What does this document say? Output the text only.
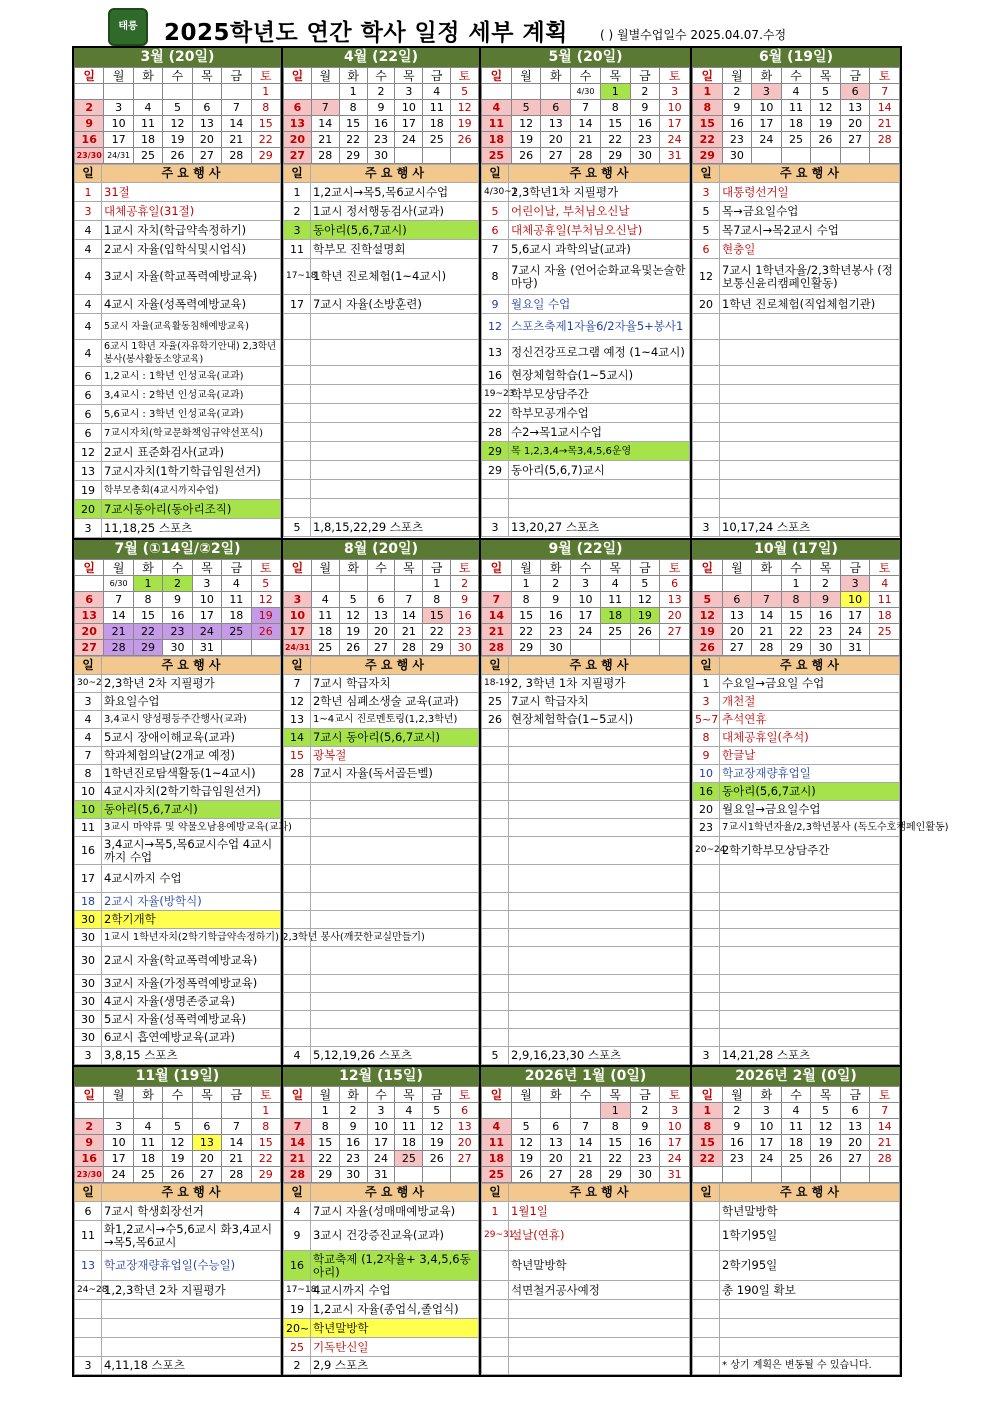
태릉	2025학년도 연간 학사 일정 세부 계획	( ) 월별수업일수 2025.04.07.수정
3월 (20일)
일	월	화	수	목	금	토
						1
2	3	4	5	6	7	8
9	10	11	12	13	14	15
16	17	18	19	20	21	22
23/30	24/31	25	26	27	28	29
일	주 요 행 사
1	31절
3	대체공휴일(31절)
4	1교시 자치(학급약속정하기)
4	2교시 자율(입학식및시업식)
4	3교시 자율(학교폭력예방교육)
4	4교시 자율(성폭력예방교육)
4	5교시 자율(교육활동침해예방교육)
4	6교시 1학년 자율(자유학기안내) 2,3학년 봉사(봉사활동소양교육)
6	1,2교시 : 1학년 인성교육(교과)
6	3,4교시 : 2학년 인성교육(교과)
6	5,6교시 : 3학년 인성교육(교과)
6	7교시자치(학교문화책임규약선포식)
12	2교시 표준화검사(교과)
13	7교시자치(1학기학급임원선거)
19	학부모총회(4교시까지수업)
20	7교시동아리(동아리조직)
3	11,18,25 스포츠
4월 (22일)
일	월	화	수	목	금	토
		1	2	3	4	5
6	7	8	9	10	11	12
13	14	15	16	17	18	19
20	21	22	23	24	25	26
27	28	29	30			
일	주 요 행 사
1	1,2교시→목5,목6교시수업
2	1교시 정서행동검사(교과)
3	동아리(5,6,7교시)
11	학부모 진학설명회
17~18	1학년 진로체험(1~4교시)
17	7교시 자율(소방훈련)

5	1,8,15,22,29 스포츠
5월 (20일)
일	월	화	수	목	금	토
			4/30	1	2	3
4	5	6	7	8	9	10
11	12	13	14	15	16	17
18	19	20	21	22	23	24
25	26	27	28	29	30	31
일	주 요 행 사
4/30~1	2,3학년1차 지필평가
5	어린이날, 부처님오신날
6	대체공휴일(부처님오신날)
7	5,6교시 과학의날(교과)
8	7교시 자율 (언어순화교육및논술한마당)
9	월요일 수업
12	스포츠축제1자율6/2자율5+봉사1
13	정신건강프로그램 예정 (1~4교시)
16	현장체험학습(1~5교시)
19~23	학부모상담주간
22	학부모공개수업
28	수2→목1교시수업
29	목 1,2,3,4→목3,4,5,6운영
29	동아리(5,6,7)교시

3	13,20,27 스포츠
6월 (19일)
일	월	화	수	목	금	토
1	2	3	4	5	6	7
8	9	10	11	12	13	14
15	16	17	18	19	20	21
22	23	24	25	26	27	28
29	30					
일	주 요 행 사
3	대통령선거일
5	목→금요일수업
5	목7교시→목2교시 수업
6	현충일
12	7교시 1학년자율/2,3학년봉사 (정보통신윤리캠페인활동)
20	1학년 진로체험(직업체험기관)

3	10,17,24 스포츠
7월 (①14일/②2일)
일	월	화	수	목	금	토
	6/30	1	2	3	4	5
6	7	8	9	10	11	12
13	14	15	16	17	18	19
20	21	22	23	24	25	26
27	28	29	30	31		
일	주 요 행 사
30~2	2,3학년 2차 지필평가
3	화요일수업
4	3,4교시 양성평등주간행사(교과)
4	5교시 장애이해교육(교과)
7	학과체험의날(2개교 예정)
8	1학년진로탐색활동(1~4교시)
10	4교시자치(2학기학급임원선거)
10	동아리(5,6,7교시)
11	3교시 마약류 및 약물오남용예방교육(교과)
16	3,4교시→목5,목6교시수업 4교시까지 수업
17	4교시까지 수업
18	2교시 자율(방학식)
30	2학기개학
30	1교시 1학년자치(2학기학급약속정하기) 2,3학년 봉사(깨끗한교실만들기)
30	2교시 자율(학교폭력예방교육)
30	3교시 자율(가정폭력예방교육)
30	4교시 자율(생명존중교육)
30	5교시 자율(성폭력예방교육)
30	6교시 흡연예방교육(교과)
3	3,8,15 스포츠
8월 (20일)
일	월	화	수	목	금	토
					1	2
3	4	5	6	7	8	9
10	11	12	13	14	15	16
17	18	19	20	21	22	23
24/31	25	26	27	28	29	30
일	주 요 행 사
7	7교시 학급자치
12	2학년 심폐소생술 교육(교과)
13	1~4교시 진로멘토링(1,2,3학년)
14	7교시 동아리(5,6,7교시)
15	광복절
28	7교시 자율(독서골든벨)

4	5,12,19,26 스포츠
9월 (22일)
일	월	화	수	목	금	토
	1	2	3	4	5	6
7	8	9	10	11	12	13
14	15	16	17	18	19	20
21	22	23	24	25	26	27
28	29	30				
일	주 요 행 사
18-19	2, 3학년 1차 지필평가
25	7교시 학급자치
26	현장체험학습(1~5교시)

5	2,9,16,23,30 스포츠
10월 (17일)
일	월	화	수	목	금	토
			1	2	3	4
5	6	7	8	9	10	11
12	13	14	15	16	17	18
19	20	21	22	23	24	25
26	27	28	29	30	31	
일	주 요 행 사
1	수요일→금요일 수업
3	개천절
5~7	추석연휴
8	대체공휴일(추석)
9	한글날
10	학교장재량휴업일
16	동아리(5,6,7교시)
20	월요일→금요일수업
23	7교시1학년자율/2,3학년봉사 (독도수호캠페인활동)
20~24	2학기학부모상담주간

3	14,21,28 스포츠
11월 (19일)
일	월	화	수	목	금	토
						1
2	3	4	5	6	7	8
9	10	11	12	13	14	15
16	17	18	19	20	21	22
23/30	24	25	26	27	28	29
일	주 요 행 사
6	7교시 학생회장선거
11	화1,2교시→수5,6교시 화3,4교시→목5,목6교시
13	학교장재량휴업일(수능일)
24~28	1,2,3학년 2차 지필평가

3	4,11,18 스포츠
12월 (15일)
일	월	화	수	목	금	토
	1	2	3	4	5	6
7	8	9	10	11	12	13
14	15	16	17	18	19	20
21	22	23	24	25	26	27
28	29	30	31			
일	주 요 행 사
4	7교시 자율(성매매예방교육)
9	3교시 건강증진교육(교과)
16	학교축제 (1,2자율+ 3,4,5,6동아리)
17~18	4교시까지 수업
19	1,2교시 자율(종업식,졸업식)
20~	학년말방학
25	기독탄신일
2	2,9 스포츠
2026년 1월 (0일)
일	월	화	수	목	금	토
				1	2	3
4	5	6	7	8	9	10
11	12	13	14	15	16	17
18	19	20	21	22	23	24
25	26	27	28	29	30	31
일	주 요 행 사
1	1월1일
29~31	설날(연휴)
	학년말방학
	석면철거공사예정

2026년 2월 (0일)
일	월	화	수	목	금	토
1	2	3	4	5	6	7
8	9	10	11	12	13	14
15	16	17	18	19	20	21
22	23	24	25	26	27	28

일	주 요 행 사
	학년말방학
	1학기95일
	2학기95일
	총 190일 확보

	* 상기 계획은 변동될 수 있습니다.
